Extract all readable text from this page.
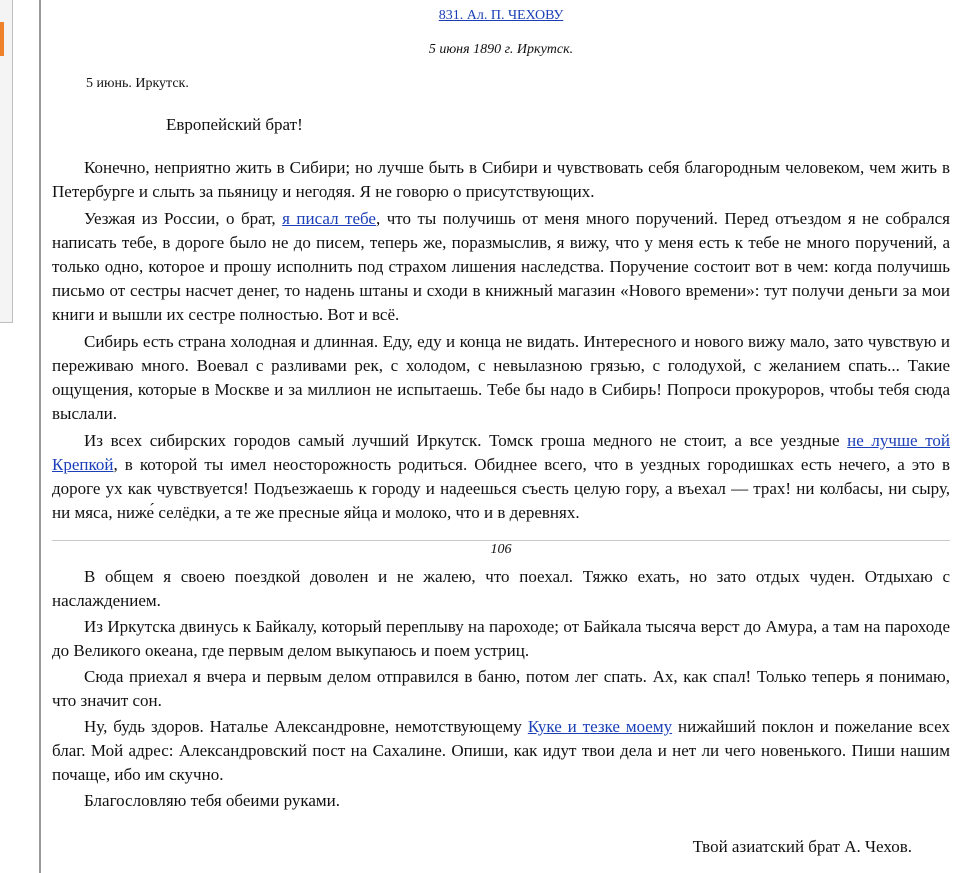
831. Ал. П. ЧЕХОВУ
5 июня 1890 г. Иркутск.
5 июнь. Иркутск.
Европейский брат!

Конечно, неприятно жить в Сибири; но лучше быть в Сибири и чувствовать себя благородным человеком, чем жить в Петербурге и слыть за пьяницу и негодяя. Я не говорю о присутствующих.

Уезжая из России, о брат, я писал тебе, что ты получишь от меня много поручений. Перед отъездом я не собрался написать тебе, в дороге было не до писем, теперь же, поразмыслив, я вижу, что у меня есть к тебе не много поручений, а только одно, которое и прошу исполнить под страхом лишения наследства. Поручение состоит вот в чем: когда получишь письмо от сестры насчет денег, то надень штаны и сходи в книжный магазин «Нового времени»: тут получи деньги за мои книги и вышли их сестре полностью. Вот и всё.

Сибирь есть страна холодная и длинная. Еду, еду и конца не видать. Интересного и нового вижу мало, зато чувствую и переживаю много. Воевал с разливами рек, с холодом, с невылазною грязью, с голодухой, с желанием спать... Такие ощущения, которые в Москве и за миллион не испытаешь. Тебе бы надо в Сибирь! Попроси прокуроров, чтобы тебя сюда выслали.

Из всех сибирских городов самый лучший Иркутск. Томск гроша медного не стоит, а все уездные не лучше той Крепкой, в которой ты имел неосторожность родиться. Обиднее всего, что в уездных городишках есть нечего, а это в дороге ух как чувствуется! Подъезжаешь к городу и надеешься съесть целую гору, а въехал — трах! ни колбасы, ни сыру, ни мяса, ниже́ селёдки, а те же пресные яйца и молоко, что и в деревнях.

106

В общем я своею поездкой доволен и не жалею, что поехал. Тяжко ехать, но зато отдых чуден. Отдыхаю с наслаждением.

Из Иркутска двинусь к Байкалу, который переплыву на пароходе; от Байкала тысяча верст до Амура, а там на пароходе до Великого океана, где первым делом выкупаюсь и поем устриц.

Сюда приехал я вчера и первым делом отправился в баню, потом лег спать. Ах, как спал! Только теперь я понимаю, что значит сон.

Ну, будь здоров. Наталье Александровне, немотствующему Куке и тезке моему нижайший поклон и пожелание всех благ. Мой адрес: Александровский пост на Сахалине. Опиши, как идут твои дела и нет ли чего новенького. Пиши нашим почаще, ибо им скучно.

Благословляю тебя обеими руками.

Твой азиатский брат А. Чехов.
